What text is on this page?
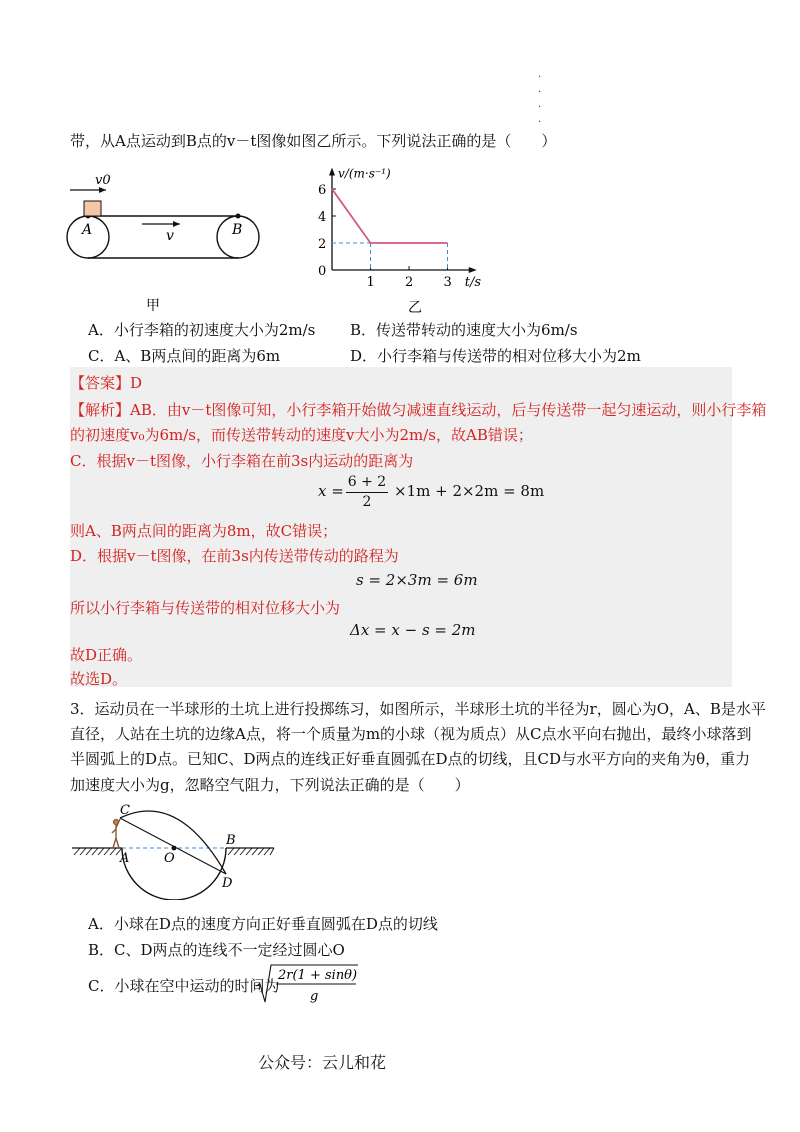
·
·
·
·
带，从A点运动到B点的v－t图像如图乙所示。下列说法正确的是（　　）
v0
v
A	B
甲
v/(m·s⁻¹)
t/s
0
2
4
6
1 2 3
乙
A．小行李箱的初速度大小为2m/s B．传送带转动的速度大小为6m/s
C．A、B两点间的距离为6m	D．小行李箱与传送带的相对位移大小为2m
【答案】D
【解析】AB．由v－t图像可知，小行李箱开始做匀减速直线运动，后与传送带一起匀速运动，则小行李箱
的初速度v₀为6m/s，而传送带转动的速度v大小为2m/s，故AB错误；
C．根据v－t图像，小行李箱在前3s内运动的距离为
x = 6 + 2
2
×1m + 2×2m = 8m
则A、B两点间的距离为8m，故C错误；
D．根据v－t图像，在前3s内传送带传动的路程为
s = 2×3m = 6m
所以小行李箱与传送带的相对位移大小为
Δx = x − s = 2m
故D正确。
故选D。
3．运动员在一半球形的土坑上进行投掷练习，如图所示，半球形土坑的半径为r，圆心为O，A、B是水平
直径，人站在土坑的边缘A点，将一个质量为m的小球（视为质点）从C点水平向右抛出，最终小球落到
半圆弧上的D点。已知C、D两点的连线正好垂直圆弧在D点的切线，且CD与水平方向的夹角为θ，重力
加速度大小为g，忽略空气阻力，下列说法正确的是（　　）
C
A	O
B
D
A．小球在D点的速度方向正好垂直圆弧在D点的切线
B．C、D两点的连线不一定经过圆心O
C．小球在空中运动的时间为
2r(1 + sinθ)
g
公众号：云儿和花
